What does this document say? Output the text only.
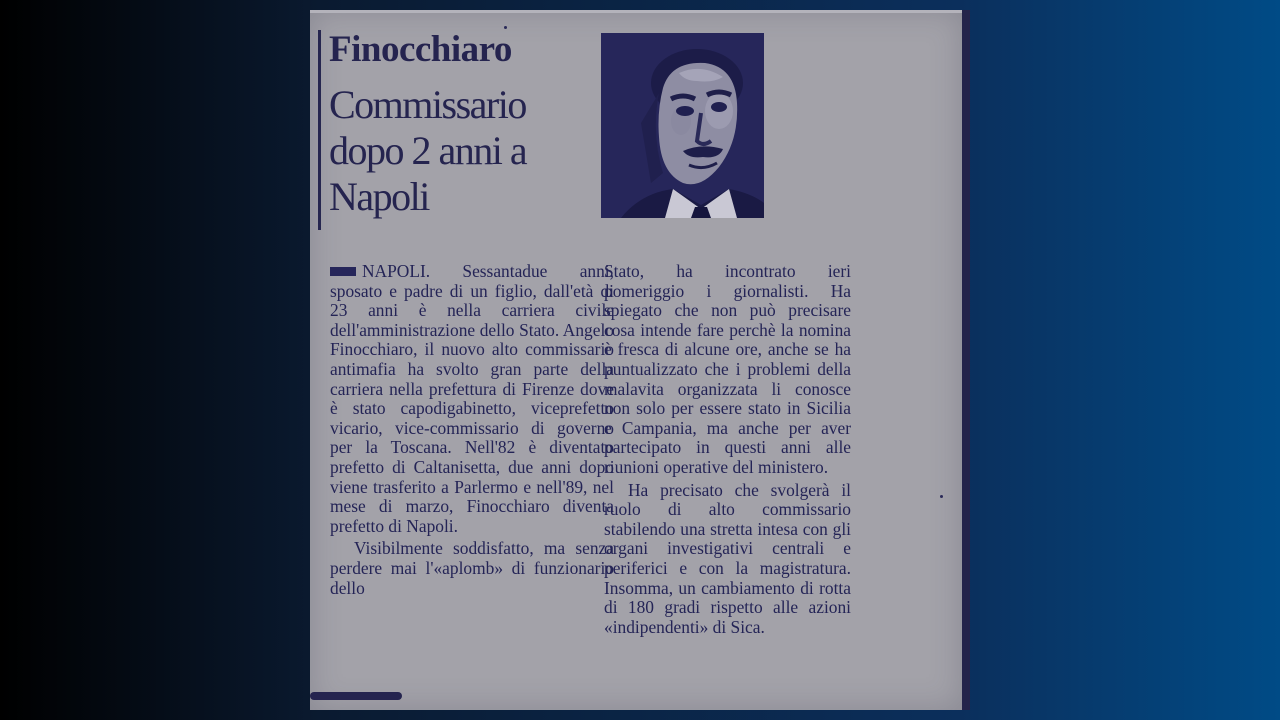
Finocchiaro
Commissario dopo 2 anni a Napoli

NAPOLI. Sessantadue anni, sposato e padre di un figlio, dall'età di 23 anni è nella carriera civile dell'amministrazione dello Stato. Angelo Finocchiaro, il nuovo alto commissario antimafia ha svolto gran parte della carriera nella prefettura di Firenze dove è stato capodigabinetto, viceprefetto vicario, vice-commissario di governo per la Toscana. Nell'82 è diventato prefetto di Caltanisetta, due anni dopo viene trasferito a Parlermo e nell'89, nel mese di marzo, Finocchiaro diventa prefetto di Napoli.

Visibilmente soddisfatto, ma senza perdere mai l'«aplomb» di funzionario dello

Stato, ha incontrato ieri pomeriggio i giornalisti. Ha spiegato che non può precisare cosa intende fare perchè la nomina è fresca di alcune ore, anche se ha puntualizzato che i problemi della malavita organizzata li conosce non solo per essere stato in Sicilia e Campania, ma anche per aver partecipato in questi anni alle riunioni operative del ministero.

Ha precisato che svolgerà il ruolo di alto commissario stabilendo una stretta intesa con gli organi investigativi centrali e periferici e con la magistratura. Insomma, un cambiamento di rotta di 180 gradi rispetto alle azioni «indipendenti» di Sica.
